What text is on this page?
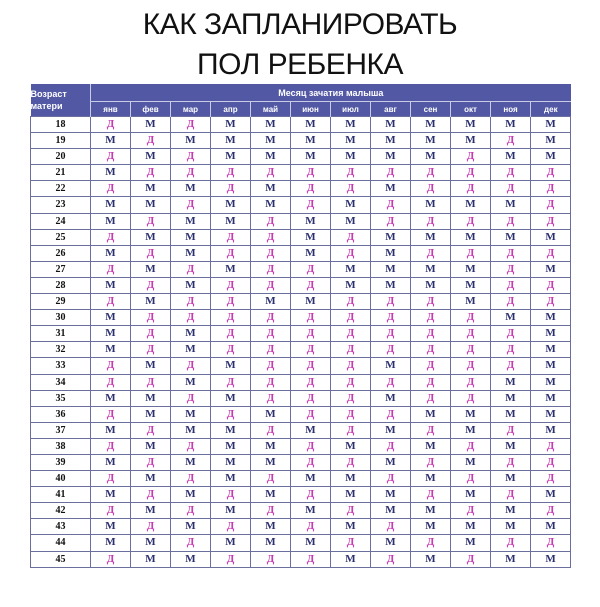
КАК ЗАПЛАНИРОВАТЬ
ПОЛ РЕБЕНКА
Возраст
матери	Месяц зачатия малыша											
	янв	фев	мар	апр	май	июн	июл	авг	сен	окт	ноя	дек
18	Д	М	Д	М	М	М	М	М	М	М	М	М
19	М	Д	М	М	М	М	М	М	М	М	Д	М
20	Д	М	Д	М	М	М	М	М	М	Д	М	М
21	М	Д	Д	Д	Д	Д	Д	Д	Д	Д	Д	Д
22	Д	М	М	Д	М	Д	Д	М	Д	Д	Д	Д
23	М	М	Д	М	М	Д	М	Д	М	М	М	Д
24	М	Д	М	М	Д	М	М	Д	Д	Д	Д	Д
25	Д	М	М	Д	Д	М	Д	М	М	М	М	М
26	М	Д	М	Д	Д	М	Д	М	Д	Д	Д	Д
27	Д	М	Д	М	Д	Д	М	М	М	М	Д	М
28	М	Д	М	Д	Д	Д	М	М	М	М	Д	Д
29	Д	М	Д	Д	М	М	Д	Д	Д	М	Д	Д
30	М	Д	Д	Д	Д	Д	Д	Д	Д	Д	М	М
31	М	Д	М	Д	Д	Д	Д	Д	Д	Д	Д	М
32	М	Д	М	Д	Д	Д	Д	Д	Д	Д	Д	М
33	Д	М	Д	М	Д	Д	Д	М	Д	Д	Д	М
34	Д	Д	М	Д	Д	Д	Д	Д	Д	Д	М	М
35	М	М	Д	М	Д	Д	Д	М	Д	Д	М	М
36	Д	М	М	Д	М	Д	Д	Д	М	М	М	М
37	М	Д	М	М	Д	М	Д	М	Д	М	Д	М
38	Д	М	Д	М	М	Д	М	Д	М	Д	М	Д
39	М	Д	М	М	М	Д	Д	М	Д	М	Д	Д
40	Д	М	Д	М	Д	М	М	Д	М	Д	М	Д
41	М	Д	М	Д	М	Д	М	М	Д	М	Д	М
42	Д	М	Д	М	Д	М	Д	М	М	Д	М	Д
43	М	Д	М	Д	М	Д	М	Д	М	М	М	М
44	М	М	Д	М	М	М	Д	М	Д	М	Д	Д
45	Д	М	М	Д	Д	Д	М	Д	М	Д	М	М
